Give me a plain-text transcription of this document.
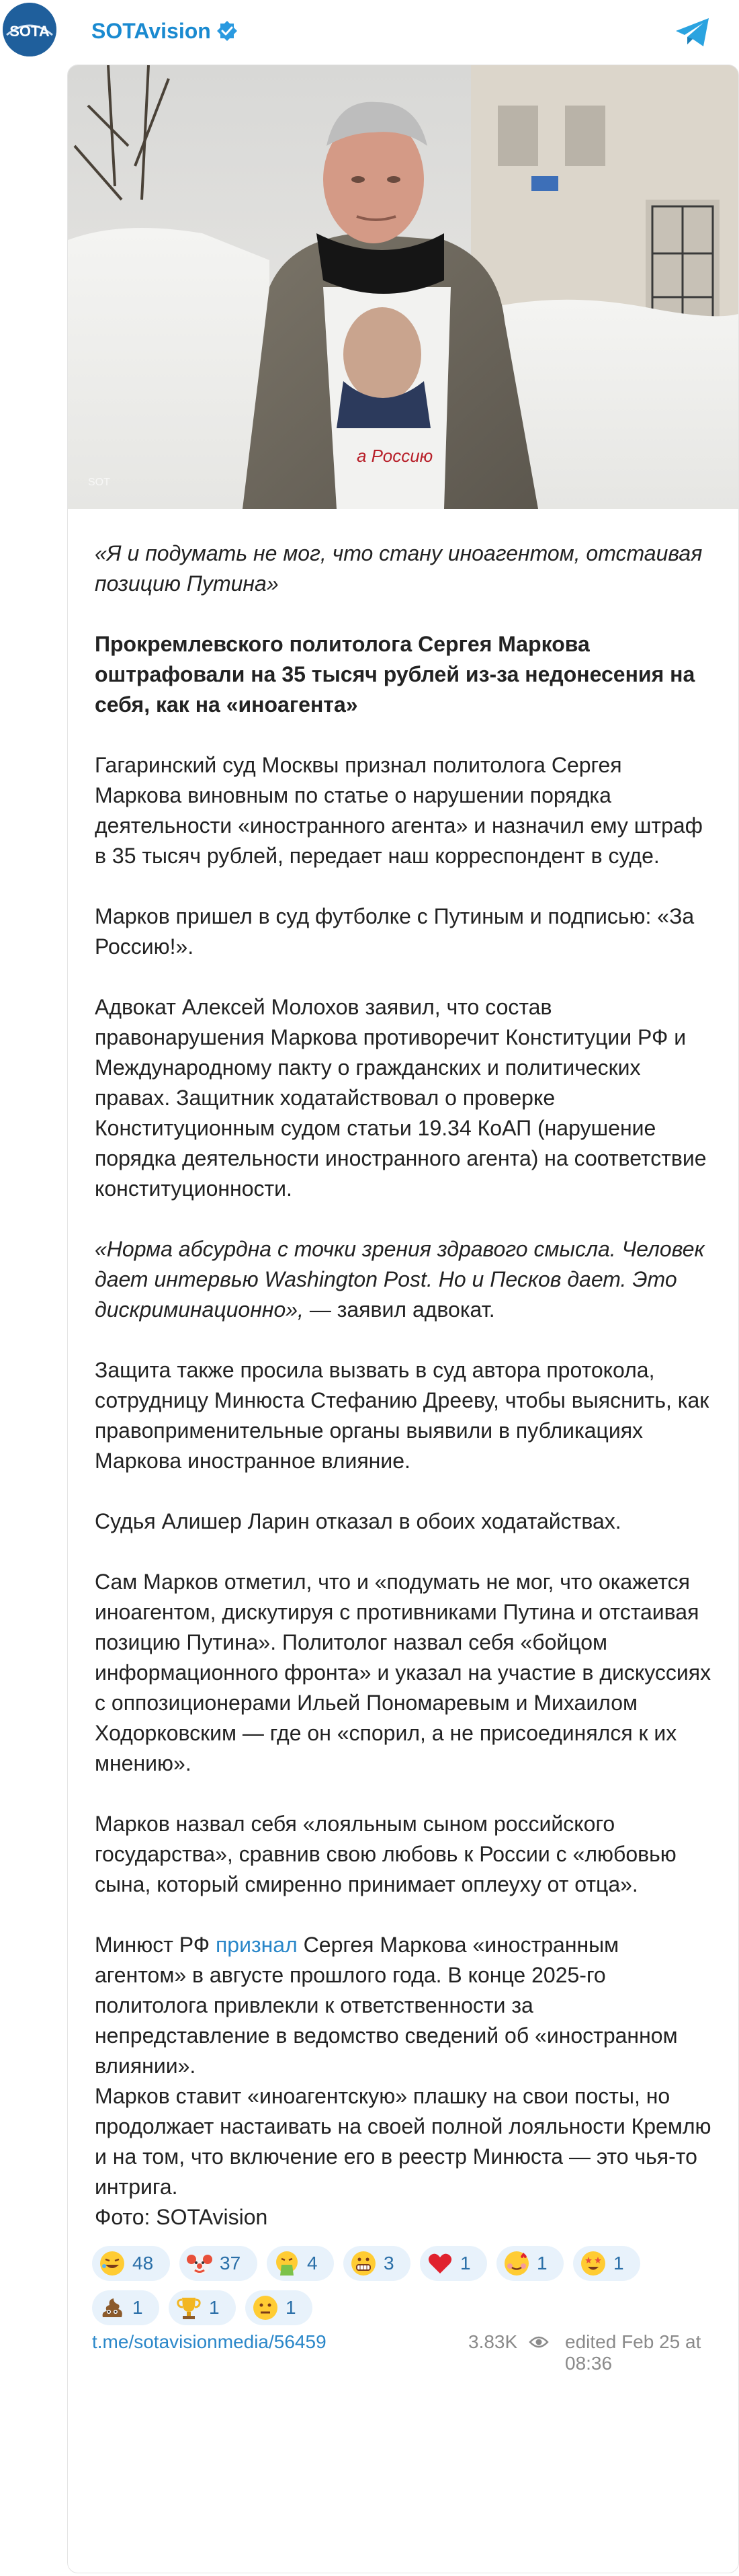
SOTA SOTAvision
а Россию
SOT
«Я и подумать не мог, что стану иноагентом, отстаивая позицию Путина»
Прокремлевского политолога Сергея Маркова оштрафовали на 35 тысяч рублей из-за недонесения на себя, как на «иноагента»
Гагаринский суд Москвы признал политолога Сергея Маркова виновным по статье о нарушении порядка деятельности «иностранного агента» и назначил ему штраф в 35 тысяч рублей, передает наш корреспондент в суде.
Марков пришел в суд футболке с Путиным и подписью: «За Россию!».
Адвокат Алексей Молохов заявил, что состав правонарушения Маркова противоречит Конституции РФ и Международному пакту о гражданских и политических правах. Защитник ходатайствовал о проверке Конституционным судом статьи 19.34 КоАП (нарушение порядка деятельности иностранного агента) на соответствие конституционности.
«Норма абсурдна с точки зрения здравого смысла. Человек дает интервью Washington Post. Но и Песков дает. Это дискриминационно», — заявил адвокат.
Защита также просила вызвать в суд автора протокола, сотрудницу Минюста Стефанию Дрееву, чтобы выяснить, как правоприменительные органы выявили в публикациях Маркова иностранное влияние.
Судья Алишер Ларин отказал в обоих ходатайствах.
Сам Марков отметил, что и «подумать не мог, что окажется иноагентом, дискутируя с противниками Путина и отстаивая позицию Путина». Политолог назвал себя «бойцом информационного фронта» и указал на участие в дискуссиях с оппозиционерами Ильей Пономаревым и Михаилом Ходорковским — где он «спорил, а не присоединялся к их мнению».
Марков назвал себя «лояльным сыном российского государства», сравнив свою любовь к России с «любовью сына, который смиренно принимает оплеуху от отца».
Минюст РФ признал Сергея Маркова «иностранным агентом» в августе прошлого года. В конце 2025-го политолога привлекли к ответственности за непредставление в ведомство сведений об «иностранном влиянии».
Марков ставит «иноагентскую» плашку на свои посты, но продолжает настаивать на своей полной лояльности Кремлю и на том, что включение его в реестр Минюста — это чья-то интрига.
Фото: SOTAvision
48	37	4	3	1	1	1
1	1	1
t.me/sotavisionmedia/56459	3.83K	edited Feb 25 at 08:36
